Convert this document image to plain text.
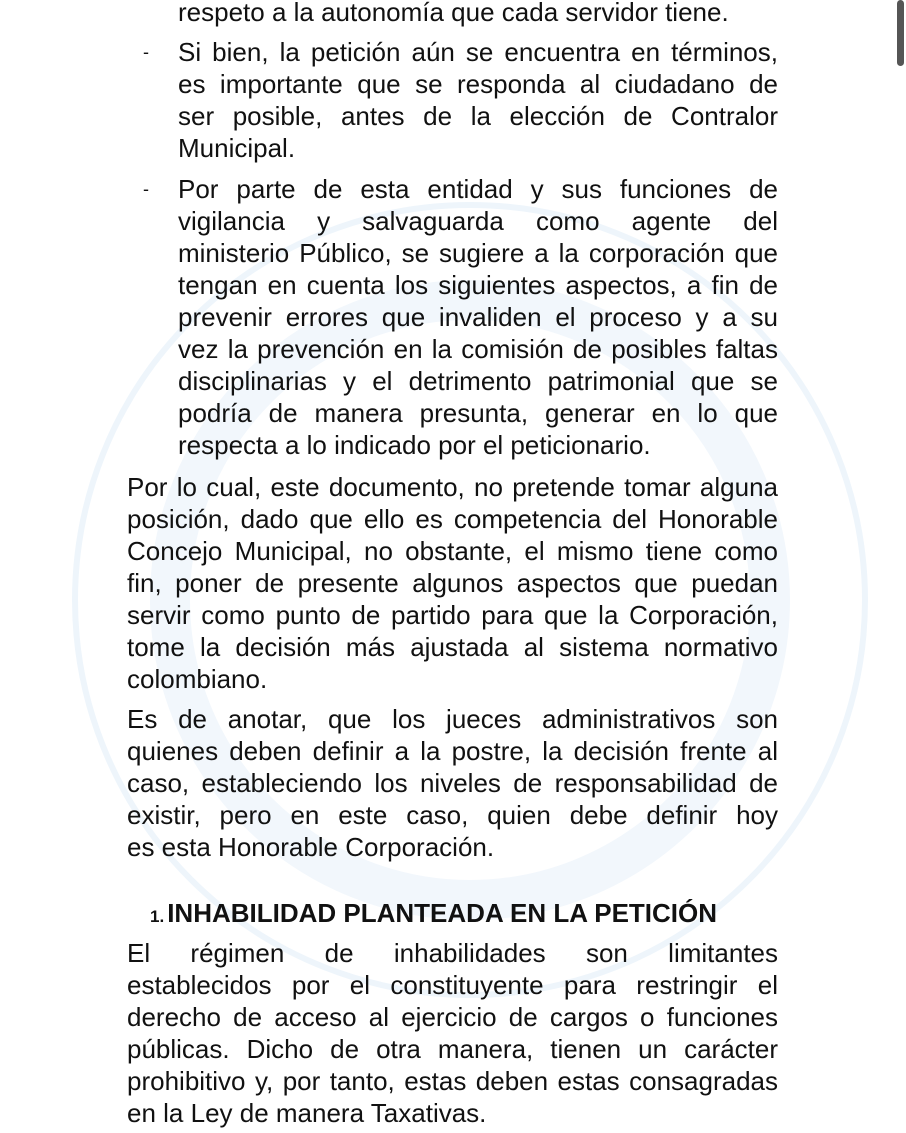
respeto a la autonomía que cada servidor tiene.
- Si bien, la petición aún se encuentra en términos,
es importante que se responda al ciudadano de
ser posible, antes de la elección de Contralor
Municipal.
- Por parte de esta entidad y sus funciones de
vigilancia y salvaguarda como agente del
ministerio Público, se sugiere a la corporación que
tengan en cuenta los siguientes aspectos, a fin de
prevenir errores que invaliden el proceso y a su
vez la prevención en la comisión de posibles faltas
disciplinarias y el detrimento patrimonial que se
podría de manera presunta, generar en lo que
respecta a lo indicado por el peticionario.
Por lo cual, este documento, no pretende tomar alguna
posición, dado que ello es competencia del Honorable
Concejo Municipal, no obstante, el mismo tiene como
fin, poner de presente algunos aspectos que puedan
servir como punto de partido para que la Corporación,
tome la decisión más ajustada al sistema normativo
colombiano.
Es de anotar, que los jueces administrativos son
quienes deben definir a la postre, la decisión frente al
caso, estableciendo los niveles de responsabilidad de
existir, pero en este caso, quien debe definir hoy
es esta Honorable Corporación.
1. INHABILIDAD PLANTEADA EN LA PETICIÓN
El régimen de inhabilidades son limitantes
establecidos por el constituyente para restringir el
derecho de acceso al ejercicio de cargos o funciones
públicas. Dicho de otra manera, tienen un carácter
prohibitivo y, por tanto, estas deben estas consagradas
en la Ley de manera Taxativas.
